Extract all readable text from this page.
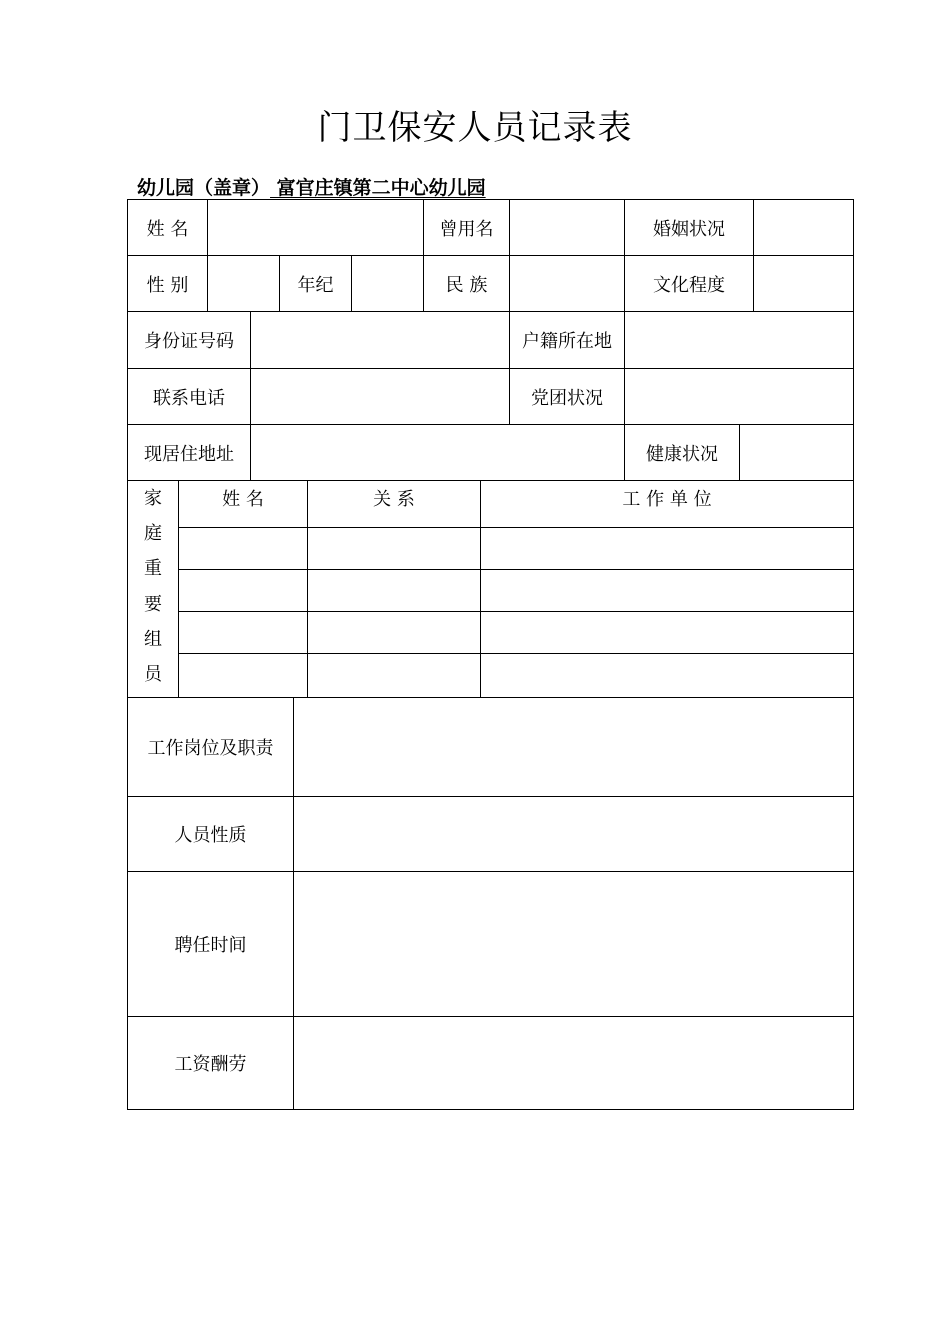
门卫保安人员记录表
幼儿园（盖章） 富官庄镇第二中心幼儿园
姓 名	曾用名	婚姻状况
性 别	年纪	民 族	文化程度
身份证号码	户籍所在地
联系电话	党团状况
现居住地址	健康状况
家
庭
重
要
组
员
姓 名	关 系	工 作 单 位
工作岗位及职责
人员性质
聘任时间
工资酬劳
